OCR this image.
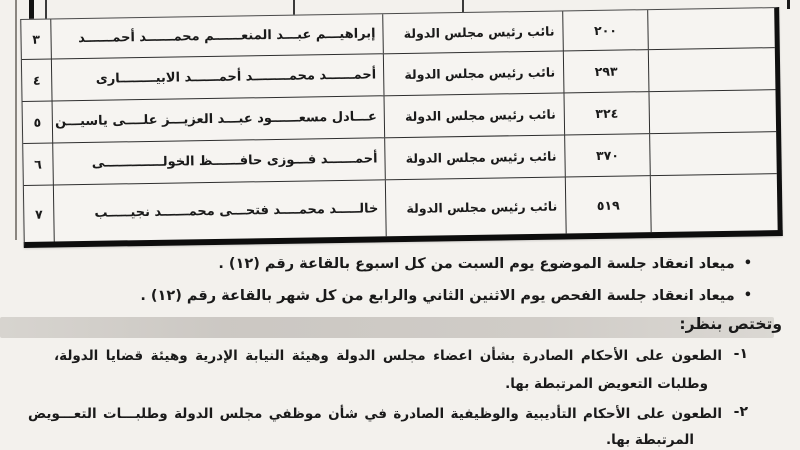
٢٠٠
نائب رئيس مجلس الدولة
إبراهيـــم عبـــد المنعــــــم محمــــــد أحمــــــد
٣
٢٩٣
نائب رئيس مجلس الدولة
أحمــــــد محمــــــــد أحمــــــد الابيــــــــارى
٤
٣٢٤
نائب رئيس مجلس الدولة
عـــادل مسعــــــود عبـــد العزيـــز علــــى ياسيـــن
٥
٣٧٠
نائب رئيس مجلس الدولة
أحمــــــد فـــوزى حافــــــظ الخولـــــــــــــى
٦
٥١٩
نائب رئيس مجلس الدولة
خالـــــد محمــــد فتحـــى محمــــــد نجيـــــب
٧
•ميعاد انعقاد جلسة الموضوع يوم السبت من كل اسبوع بالقاعة رقم (١٢) .
•ميعاد انعقاد جلسة الفحص يوم الاثنين الثاني والرابع من كل شهر بالقاعة رقم (١٢) .
وتختص بنظر:
١-
الطعون على الأحكام الصادرة بشأن اعضاء مجلس الدولة وهيئة النيابة الإدرية وهيئة قضايا الدولة،
وطلبات التعويض المرتبطة بها.
٢-
الطعون على الأحكام التأديبية والوظيفية الصادرة في شأن موظفي مجلس الدولة وطلبـــات التعـــويض
المرتبطة بها.
